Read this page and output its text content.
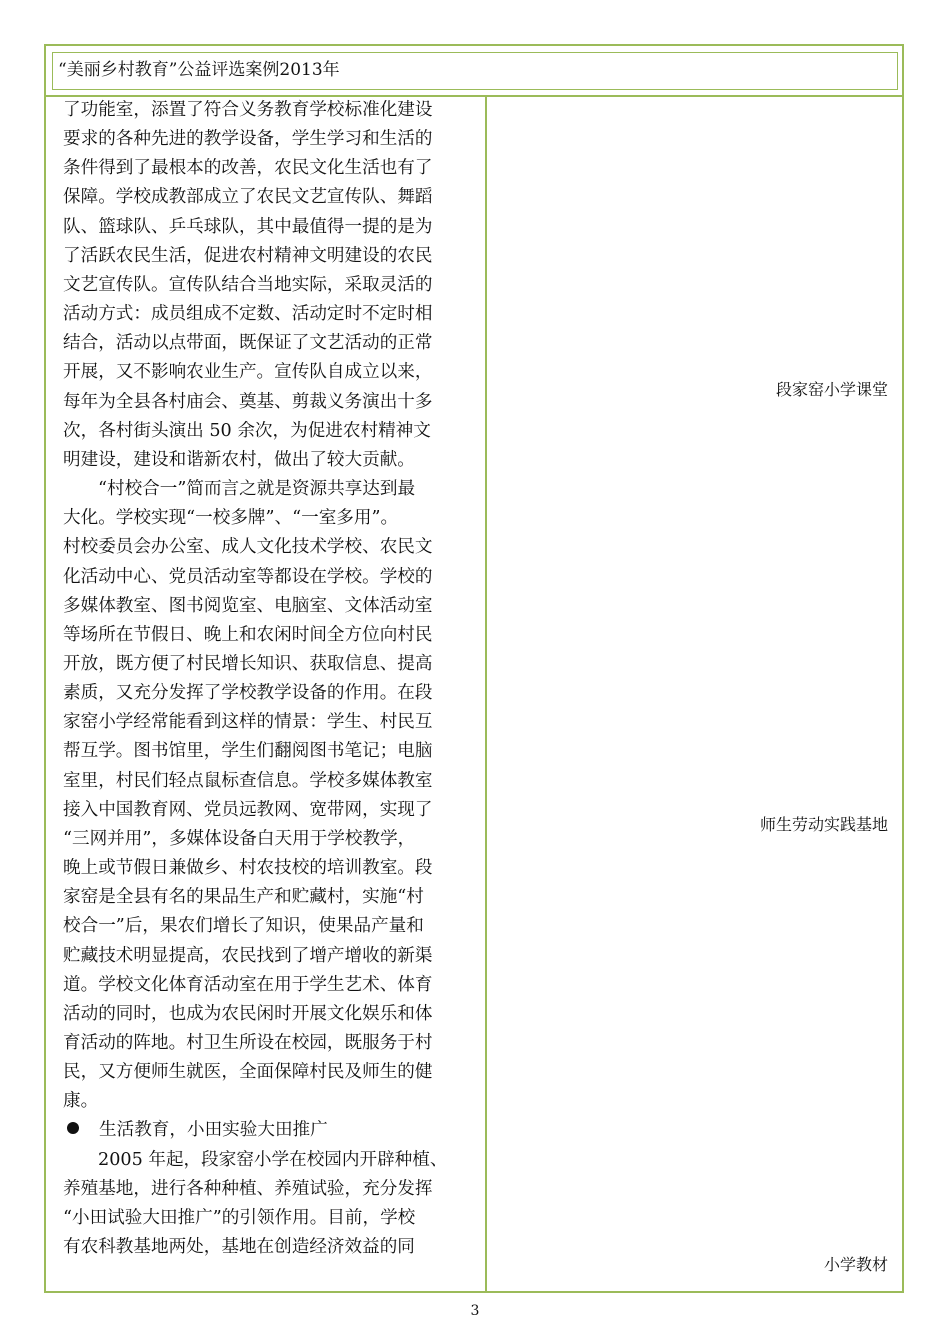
“美丽乡村教育”公益评选案例2013年

了功能室，添置了符合义务教育学校标准化建设
要求的各种先进的教学设备，学生学习和生活的
条件得到了最根本的改善，农民文化生活也有了
保障。学校成教部成立了农民文艺宣传队、舞蹈
队、篮球队、乒乓球队，其中最值得一提的是为
了活跃农民生活，促进农村精神文明建设的农民
文艺宣传队。宣传队结合当地实际，采取灵活的
活动方式：成员组成不定数、活动定时不定时相
结合，活动以点带面，既保证了文艺活动的正常
开展，又不影响农业生产。宣传队自成立以来，
每年为全县各村庙会、奠基、剪裁义务演出十多
次，各村街头演出 50 余次，为促进农村精神文
明建设，建设和谐新农村，做出了较大贡献。

“村校合一”简而言之就是资源共享达到最
大化。学校实现“一校多牌”、“一室多用”。
村校委员会办公室、成人文化技术学校、农民文
化活动中心、党员活动室等都设在学校。学校的
多媒体教室、图书阅览室、电脑室、文体活动室
等场所在节假日、晚上和农闲时间全方位向村民
开放，既方便了村民增长知识、获取信息、提高
素质，又充分发挥了学校教学设备的作用。在段
家窑小学经常能看到这样的情景：学生、村民互
帮互学。图书馆里，学生们翻阅图书笔记；电脑
室里，村民们轻点鼠标查信息。学校多媒体教室
接入中国教育网、党员远教网、宽带网，实现了
“三网并用”，多媒体设备白天用于学校教学，
晚上或节假日兼做乡、村农技校的培训教室。段
家窑是全县有名的果品生产和贮藏村，实施“村
校合一”后，果农们增长了知识，使果品产量和
贮藏技术明显提高，农民找到了增产增收的新渠
道。学校文化体育活动室在用于学生艺术、体育
活动的同时，也成为农民闲时开展文化娱乐和体
育活动的阵地。村卫生所设在校园，既服务于村
民，又方便师生就医，全面保障村民及师生的健
康。

生活教育，小田实验大田推广

2005 年起，段家窑小学在校园内开辟种植、
养殖基地，进行各种种植、养殖试验，充分发挥
“小田试验大田推广”的引领作用。目前，学校
有农科教基地两处，基地在创造经济效益的同

段家窑小学课堂
师生劳动实践基地
小学教材
3
